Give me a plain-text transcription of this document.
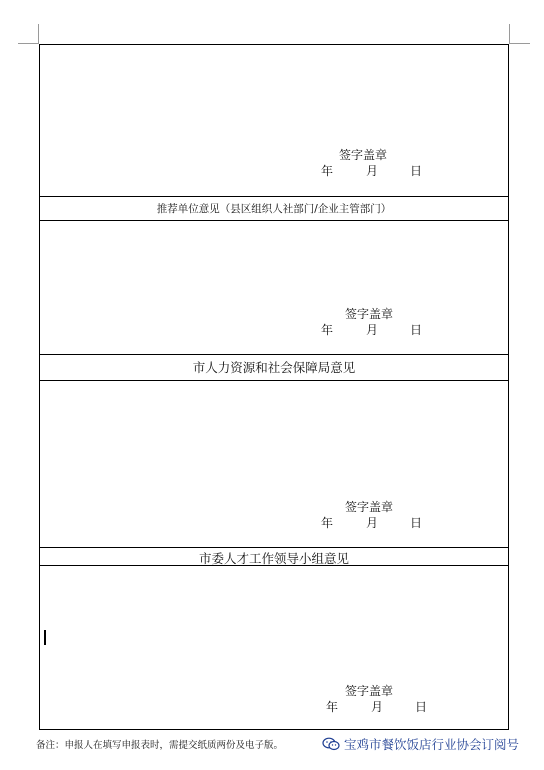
签字盖章
年	月	日
推荐单位意见（县区组织人社部门/企业主管部门）
签字盖章
年	月	日
市人力资源和社会保障局意见
签字盖章
年	月	日
市委人才工作领导小组意见
签字盖章
年	月	日
备注：申报人在填写申报表时，需提交纸质两份及电子版。	宝鸡市餐饮饭店行业协会订阅号
